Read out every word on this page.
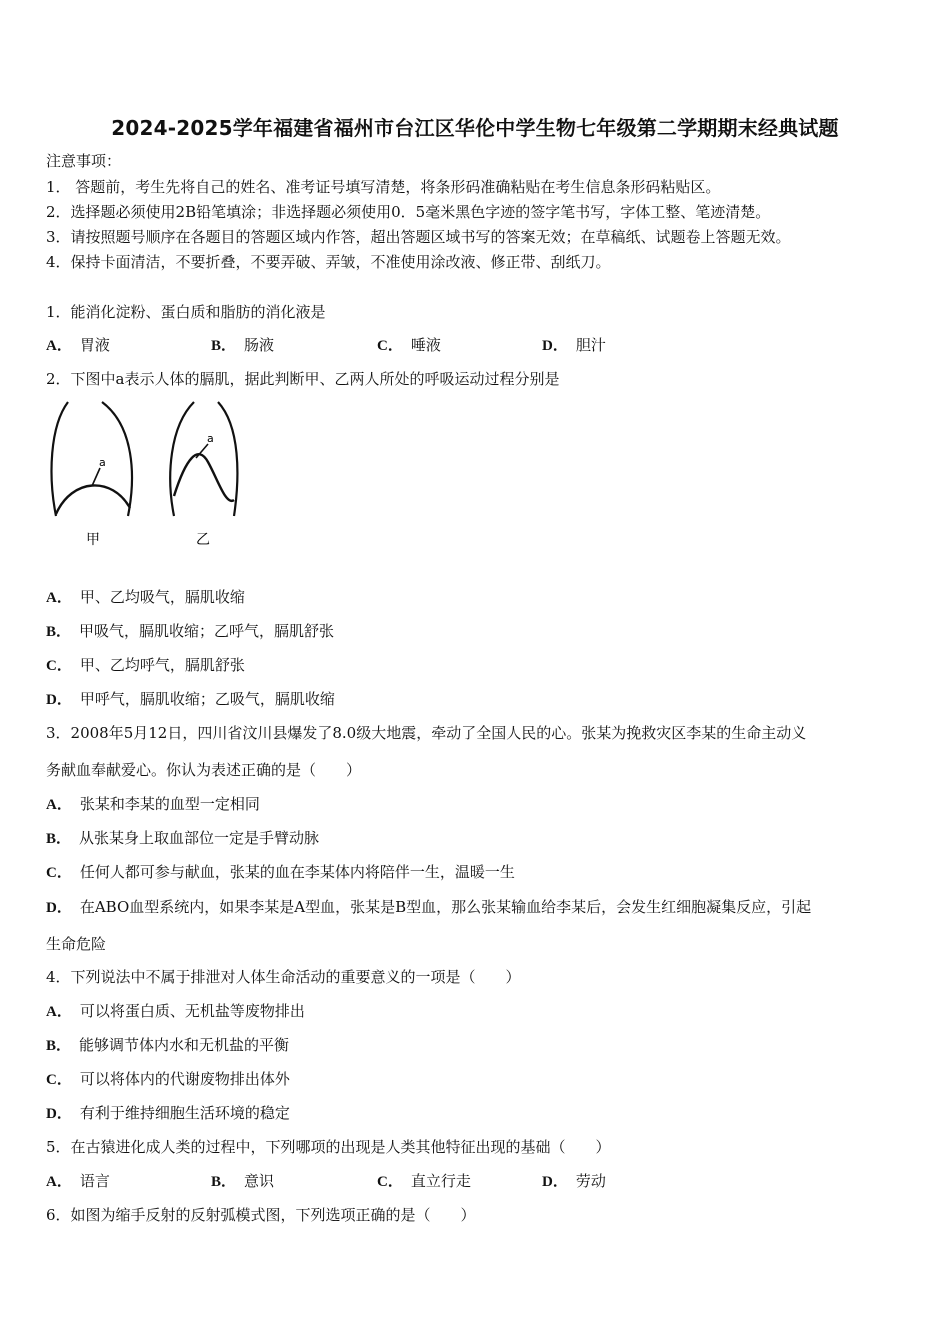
2024-2025学年福建省福州市台江区华伦中学生物七年级第二学期期末经典试题
注意事项：
1． 答题前，考生先将自己的姓名、准考证号填写清楚，将条形码准确粘贴在考生信息条形码粘贴区。
2．选择题必须使用2B铅笔填涂；非选择题必须使用0．5毫米黑色字迹的签字笔书写，字体工整、笔迹清楚。
3．请按照题号顺序在各题目的答题区域内作答，超出答题区域书写的答案无效；在草稿纸、试题卷上答题无效。
4．保持卡面清洁，不要折叠，不要弄破、弄皱，不准使用涂改液、修正带、刮纸刀。
1．能消化淀粉、蛋白质和脂肪的消化液是
A． 胃液	B． 肠液	C． 唾液	D． 胆汁
2．下图中a表示人体的膈肌，据此判断甲、乙两人所处的呼吸运动过程分别是
a
甲
a
乙
A． 甲、乙均吸气，膈肌收缩
B． 甲吸气，膈肌收缩；乙呼气，膈肌舒张
C． 甲、乙均呼气，膈肌舒张
D． 甲呼气，膈肌收缩；乙吸气，膈肌收缩
3．2008年5月12日，四川省汶川县爆发了8.0级大地震，牵动了全国人民的心。张某为挽救灾区李某的生命主动义
务献血奉献爱心。你认为表述正确的是（　　）
A． 张某和李某的血型一定相同
B． 从张某身上取血部位一定是手臂动脉
C． 任何人都可参与献血，张某的血在李某体内将陪伴一生，温暖一生
D． 在ABO血型系统内，如果李某是A型血，张某是B型血，那么张某输血给李某后，会发生红细胞凝集反应，引起
生命危险
4．下列说法中不属于排泄对人体生命活动的重要意义的一项是（　　）
A． 可以将蛋白质、无机盐等废物排出
B． 能够调节体内水和无机盐的平衡
C． 可以将体内的代谢废物排出体外
D． 有利于维持细胞生活环境的稳定
5．在古猿进化成人类的过程中，下列哪项的出现是人类其他特征出现的基础（　　）
A． 语言	B． 意识	C． 直立行走	D． 劳动
6．如图为缩手反射的反射弧模式图，下列选项正确的是（　　）
